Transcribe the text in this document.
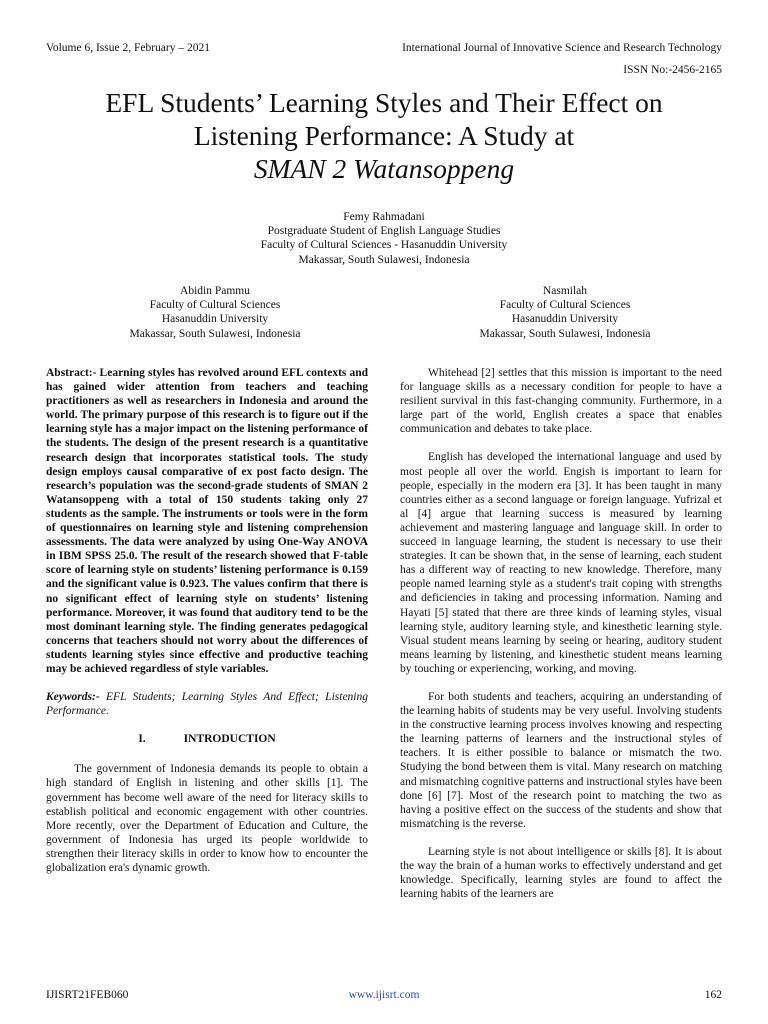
Volume 6, Issue 2, February – 2021	International Journal of Innovative Science and Research Technology
ISSN No:-2456-2165
EFL Students’ Learning Styles and Their Effect on
Listening Performance: A Study at
SMAN 2 Watansoppeng
Femy Rahmadani
Postgraduate Student of English Language Studies
Faculty of Cultural Sciences - Hasanuddin University
Makassar, South Sulawesi, Indonesia
Abidin Pammu
Faculty of Cultural Sciences
Hasanuddin University
Makassar, South Sulawesi, Indonesia
Nasmilah
Faculty of Cultural Sciences
Hasanuddin University
Makassar, South Sulawesi, Indonesia

Abstract:- Learning styles has revolved around EFL contexts and has gained wider attention from teachers and teaching practitioners as well as researchers in Indonesia and around the world. The primary purpose of this research is to figure out if the learning style has a major impact on the listening performance of the students. The design of the present research is a quantitative research design that incorporates statistical tools. The study design employs causal comparative of ex post facto design. The research’s population was the second-grade students of SMAN 2 Watansoppeng with a total of 150 students taking only 27 students as the sample. The instruments or tools were in the form of questionnaires on learning style and listening comprehension assessments. The data were analyzed by using One-Way ANOVA in IBM SPSS 25.0. The result of the research showed that F-table score of learning style on students’ listening performance is 0.159 and the significant value is 0.923. The values confirm that there is no significant effect of learning style on students’ listening performance. Moreover, it was found that auditory tend to be the most dominant learning style. The finding generates pedagogical concerns that teachers should not worry about the differences of students learning styles since effective and productive teaching may be achieved regardless of style variables.

Keywords:- EFL Students; Learning Styles And Effect; Listening Performance.

I.	INTRODUCTION

The government of Indonesia demands its people to obtain a high standard of English in listening and other skills [1]. The government has become well aware of the need for literacy skills to establish political and economic engagement with other countries. More recently, over the Department of Education and Culture, the government of Indonesia has urged its people worldwide to strengthen their literacy skills in order to know how to encounter the globalization era's dynamic growth.

Whitehead [2] settles that this mission is important to the need for language skills as a necessary condition for people to have a resilient survival in this fast-changing community. Furthermore, in a large part of the world, English creates a space that enables communication and debates to take place.

English has developed the international language and used by most people all over the world. Engish is important to learn for people, especially in the modern era [3]. It has been taught in many countries either as a second language or foreign language. Yufrizal et al [4] argue that learning success is measured by learning achievement and mastering language and language skill. In order to succeed in language learning, the student is necessary to use their strategies. It can be shown that, in the sense of learning, each student has a different way of reacting to new knowledge. Therefore, many people named learning style as a student's trait coping with strengths and deficiencies in taking and processing information. Naming and Hayati [5] stated that there are three kinds of learning styles, visual learning style, auditory learning style, and kinesthetic learning style. Visual student means learning by seeing or hearing, auditory student means learning by listening, and kinesthetic student means learning by touching or experiencing, working, and moving.

For both students and teachers, acquiring an understanding of the learning habits of students may be very useful. Involving students in the constructive learning process involves knowing and respecting the learning patterns of learners and the instructional styles of teachers. It is either possible to balance or mismatch the two. Studying the bond between them is vital. Many research on matching and mismatching cognitive patterns and instructional styles have been done [6] [7]. Most of the research point to matching the two as having a positive effect on the success of the students and show that mismatching is the reverse.

Learning style is not about intelligence or skills [8]. It is about the way the brain of a human works to effectively understand and get knowledge. Specifically, learning styles are found to affect the learning habits of the learners are

IJISRT21FEB060	www.ijisrt.com	162
